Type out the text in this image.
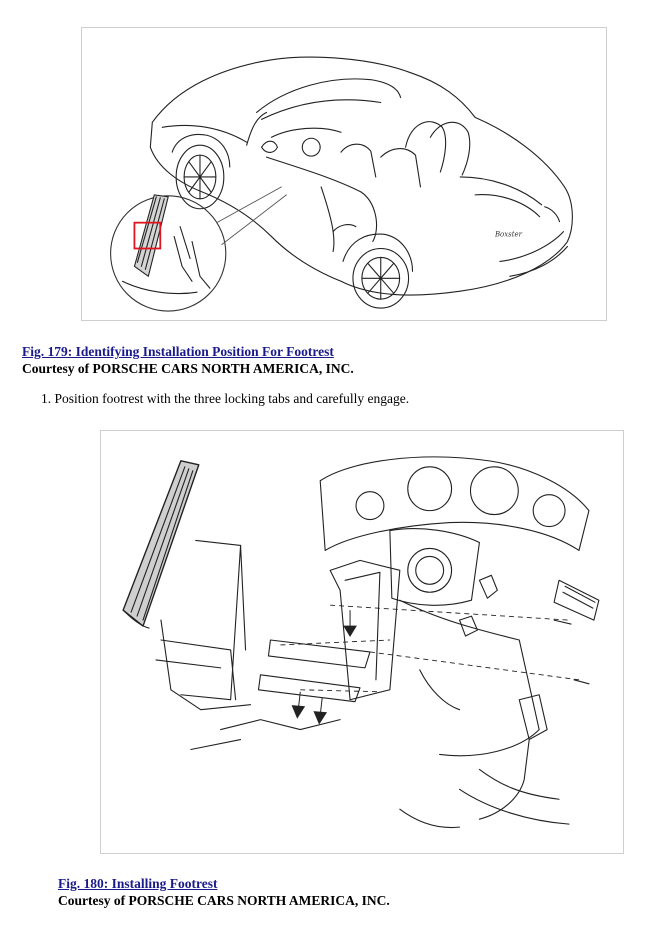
Boxster
Fig. 179: Identifying Installation Position For Footrest
Courtesy of PORSCHE CARS NORTH AMERICA, INC.
1. Position footrest with the three locking tabs and carefully engage.
Fig. 180: Installing Footrest
Courtesy of PORSCHE CARS NORTH AMERICA, INC.
